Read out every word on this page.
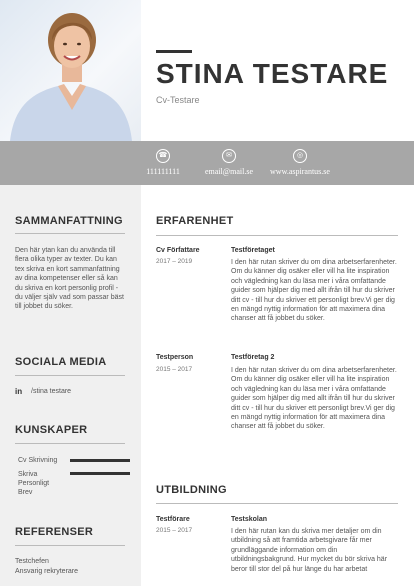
STINA TESTARE
Cv-Testare
☎
111111111
✉
email@mail.se
◎
www.aspirantus.se
SAMMANFATTNING
Den här ytan kan du använda till flera olika typer av texter. Du kan tex skriva en kort sammanfattning av dina kompetenser eller så kan du skriva en kort personlig profil - du väljer själv vad som passar bäst till jobbet du söker.
SOCIALA MEDIA
in /stina testare
KUNSKAPER
Cv Skrivning
Skriva Personligt Brev
REFERENSER
Testchefen
Ansvarig rekryterare
ERFARENHET
Cv Författare
2017 – 2019
Testföretaget
I den här rutan skriver du om dina arbetserfarenheter. Om du känner dig osäker eller vill ha lite inspiration och vägledning kan du läsa mer i våra omfattande guider som hjälper dig med allt ifrån till hur du skriver ditt cv - till hur du skriver ett personligt brev.Vi ger dig en mängd nyttig information för att maximera dina chanser att få jobbet du söker.
Testperson
2015 – 2017
Testföretag 2
I den här rutan skriver du om dina arbetserfarenheter. Om du känner dig osäker eller vill ha lite inspiration och vägledning kan du läsa mer i våra omfattande guider som hjälper dig med allt ifrån till hur du skriver ditt cv - till hur du skriver ett personligt brev.Vi ger dig en mängd nyttig information för att maximera dina chanser att få jobbet du söker.
UTBILDNING
Testförare
2015 – 2017
Testskolan
I den här rutan kan du skriva mer detaljer om din utbildning så att framtida arbetsgivare får mer grundläggande information om din utbildningsbakgrund. Hur mycket du bör skriva här beror till stor del på hur länge du har arbetat
